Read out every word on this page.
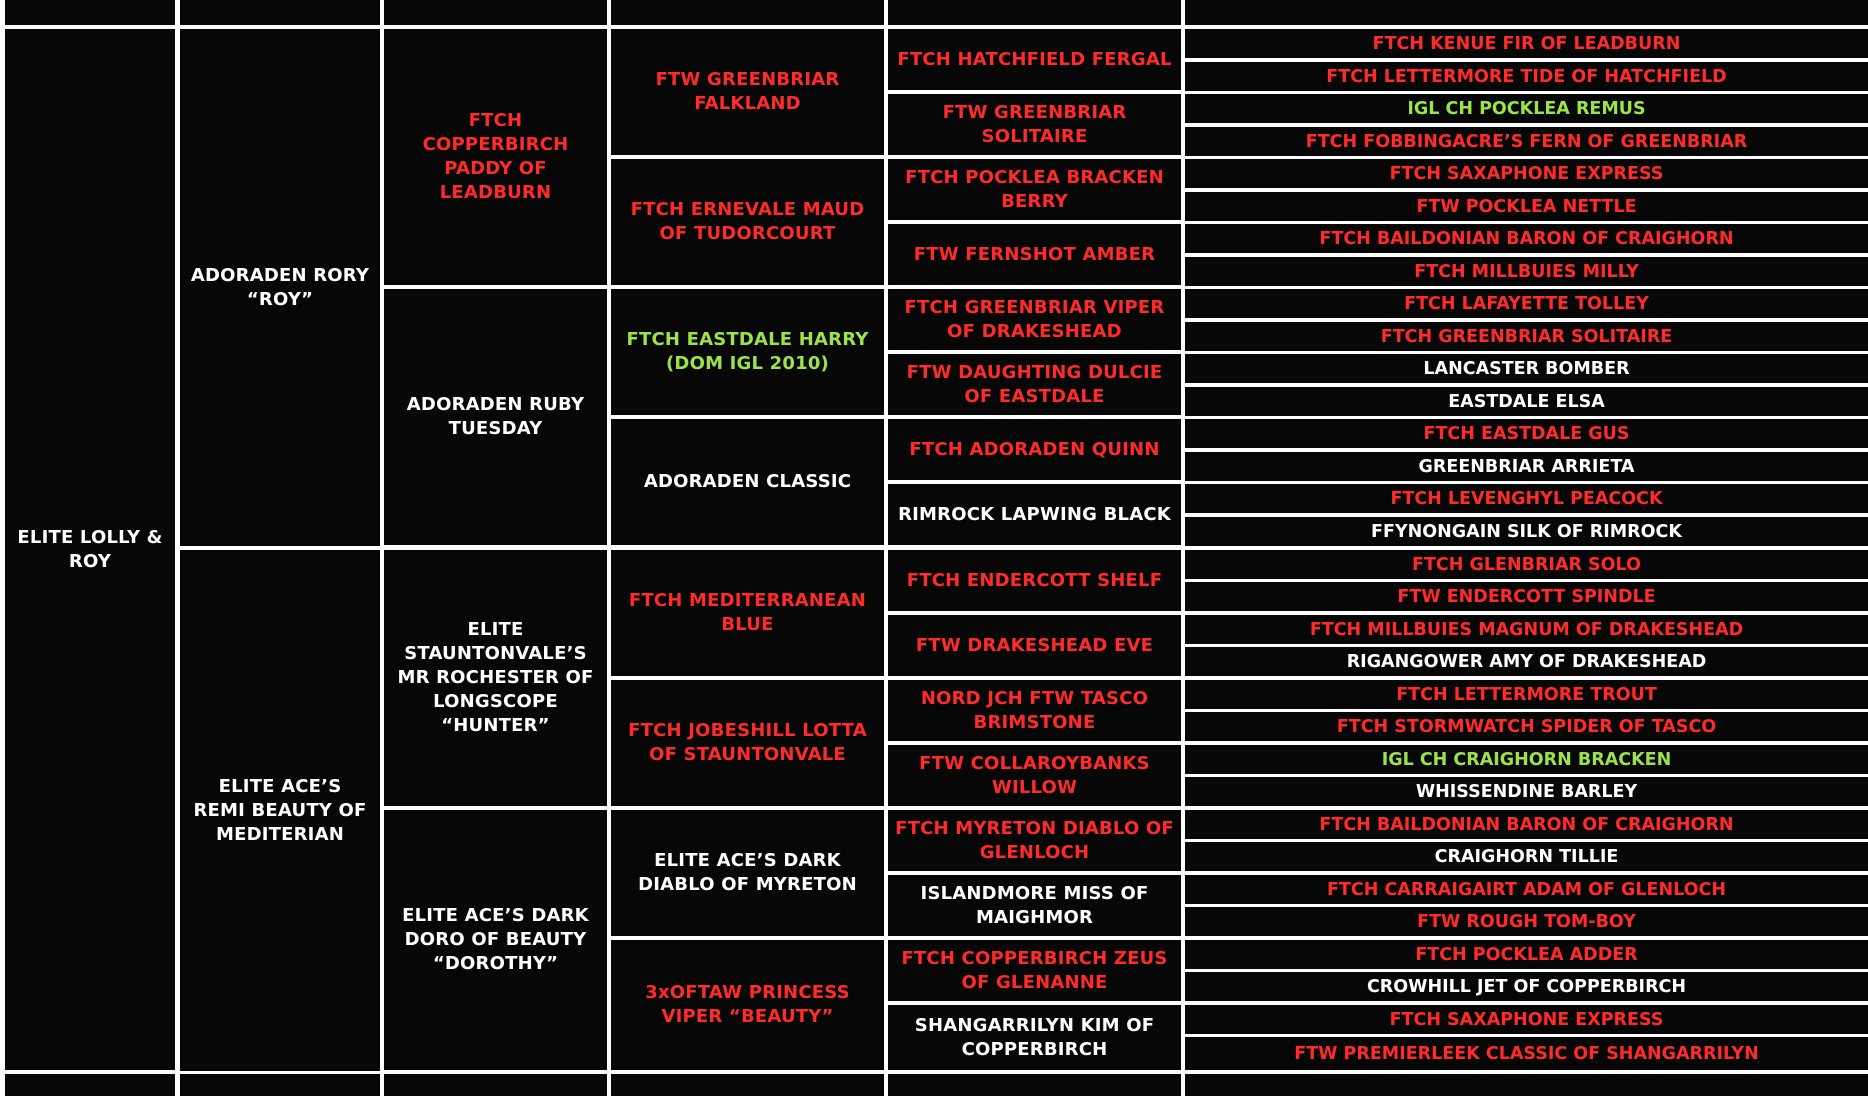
ELITE LOLLY & ROY
ADORADEN RORY “ROY”
ELITE ACE’S REMI BEAUTY OF MEDITERIAN
FTCH COPPERBIRCH PADDY OF LEADBURN
ADORADEN RUBY TUESDAY
ELITE STAUNTONVALE’S MR ROCHESTER OF LONGSCOPE “HUNTER”
ELITE ACE’S DARK DORO OF BEAUTY “DOROTHY”
FTW GREENBRIAR FALKLAND
FTCH ERNEVALE MAUD OF TUDORCOURT
FTCH EASTDALE HARRY (DOM IGL 2010)
ADORADEN CLASSIC
FTCH MEDITERRANEAN BLUE
FTCH JOBESHILL LOTTA OF STAUNTONVALE
ELITE ACE’S DARK DIABLO OF MYRETON
3xOFTAW PRINCESS VIPER “BEAUTY”
FTCH HATCHFIELD FERGAL
FTW GREENBRIAR SOLITAIRE
FTCH POCKLEA BRACKEN BERRY
FTW FERNSHOT AMBER
FTCH GREENBRIAR VIPER OF DRAKESHEAD
FTW DAUGHTING DULCIE OF EASTDALE
FTCH ADORADEN QUINN
RIMROCK LAPWING BLACK
FTCH ENDERCOTT SHELF
FTW DRAKESHEAD EVE
NORD JCH FTW TASCO BRIMSTONE
FTW COLLAROYBANKS WILLOW
FTCH MYRETON DIABLO OF GLENLOCH
ISLANDMORE MISS OF MAIGHMOR
FTCH COPPERBIRCH ZEUS OF GLENANNE
SHANGARRILYN KIM OF COPPERBIRCH
FTCH KENUE FIR OF LEADBURN
FTCH LETTERMORE TIDE OF HATCHFIELD
IGL CH POCKLEA REMUS
FTCH FOBBINGACRE’S FERN OF GREENBRIAR
FTCH SAXAPHONE EXPRESS
FTW POCKLEA NETTLE
FTCH BAILDONIAN BARON OF CRAIGHORN
FTCH MILLBUIES MILLY
FTCH LAFAYETTE TOLLEY
FTCH GREENBRIAR SOLITAIRE
LANCASTER BOMBER
EASTDALE ELSA
FTCH EASTDALE GUS
GREENBRIAR ARRIETA
FTCH LEVENGHYL PEACOCK
FFYNONGAIN SILK OF RIMROCK
FTCH GLENBRIAR SOLO
FTW ENDERCOTT SPINDLE
FTCH MILLBUIES MAGNUM OF DRAKESHEAD
RIGANGOWER AMY OF DRAKESHEAD
FTCH LETTERMORE TROUT
FTCH STORMWATCH SPIDER OF TASCO
IGL CH CRAIGHORN BRACKEN
WHISSENDINE BARLEY
FTCH BAILDONIAN BARON OF CRAIGHORN
CRAIGHORN TILLIE
FTCH CARRAIGAIRT ADAM OF GLENLOCH
FTW ROUGH TOM-BOY
FTCH POCKLEA ADDER
CROWHILL JET OF COPPERBIRCH
FTCH SAXAPHONE EXPRESS
FTW PREMIERLEEK CLASSIC OF SHANGARRILYN
